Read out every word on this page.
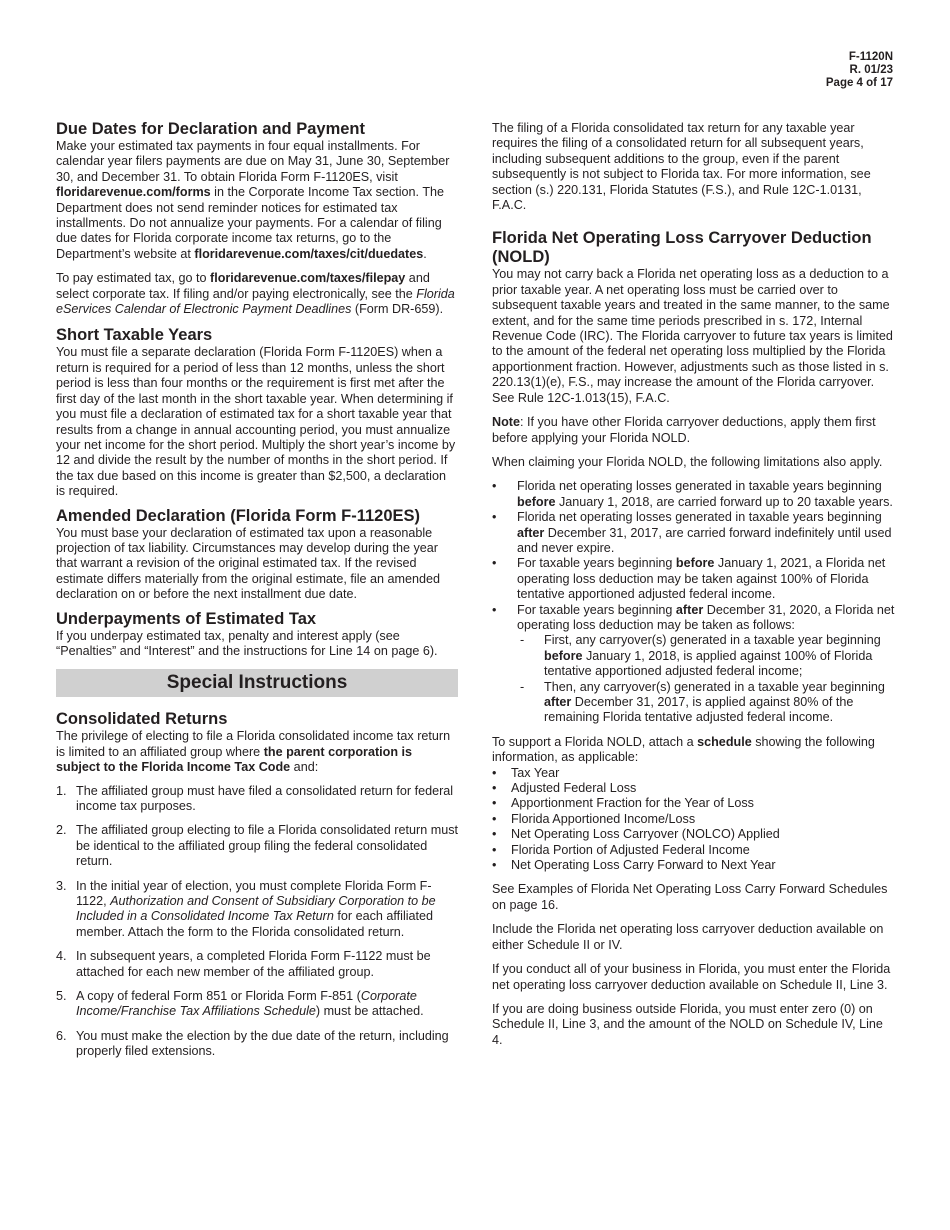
F-1120N
R. 01/23
Page 4 of 17
Due Dates for Declaration and Payment

Make your estimated tax payments in four equal installments. For calendar year filers payments are due on May 31, June 30, September 30, and December 31. To obtain Florida Form F-1120ES, visit floridarevenue.com/forms in the Corporate Income Tax section. The Department does not send reminder notices for estimated tax installments. Do not annualize your payments. For a calendar of filing due dates for Florida corporate income tax returns, go to the Department’s website at floridarevenue.com/taxes/cit/duedates.

To pay estimated tax, go to floridarevenue.com/taxes/filepay and select corporate tax. If filing and/or paying electronically, see the Florida eServices Calendar of Electronic Payment Deadlines (Form DR-659).

Short Taxable Years

You must file a separate declaration (Florida Form F-1120ES) when a return is required for a period of less than 12 months, unless the short period is less than four months or the requirement is first met after the first day of the last month in the short taxable year. When determining if you must file a declaration of estimated tax for a short taxable year that results from a change in annual accounting period, you must annualize your net income for the short period. Multiply the short year’s income by 12 and divide the result by the number of months in the short period. If the tax due based on this income is greater than $2,500, a declaration is required.

Amended Declaration (Florida Form F-1120ES)

You must base your declaration of estimated tax upon a reasonable projection of tax liability. Circumstances may develop during the year that warrant a revision of the original estimated tax. If the revised estimate differs materially from the original estimate, file an amended declaration on or before the next installment due date.

Underpayments of Estimated Tax

If you underpay estimated tax, penalty and interest apply (see “Penalties” and “Interest” and the instructions for Line 14 on page 6).

Special Instructions
Consolidated Returns
The privilege of electing to file a Florida consolidated income tax return is limited to an affiliated group where the parent corporation is subject to the Florida Income Tax Code and:
1. The affiliated group must have filed a consolidated return for federal income tax purposes.
2. The affiliated group electing to file a Florida consolidated return must be identical to the affiliated group filing the federal consolidated return.
3. In the initial year of election, you must complete Florida Form F-1122, Authorization and Consent of Subsidiary Corporation to be Included in a Consolidated Income Tax Return for each affiliated member. Attach the form to the Florida consolidated return.
4. In subsequent years, a completed Florida Form F-1122 must be attached for each new member of the affiliated group.
5. A copy of federal Form 851 or Florida Form F-851 (Corporate Income/Franchise Tax Affiliations Schedule) must be attached.
6. You must make the election by the due date of the return, including properly filed extensions.

The filing of a Florida consolidated tax return for any taxable year requires the filing of a consolidated return for all subsequent years, including subsequent additions to the group, even if the parent subsequently is not subject to Florida tax. For more information, see section (s.) 220.131, Florida Statutes (F.S.), and Rule 12C-1.0131, F.A.C.

Florida Net Operating Loss Carryover Deduction (NOLD)

You may not carry back a Florida net operating loss as a deduction to a prior taxable year. A net operating loss must be carried over to subsequent taxable years and treated in the same manner, to the same extent, and for the same time periods prescribed in s. 172, Internal Revenue Code (IRC). The Florida carryover to future tax years is limited to the amount of the federal net operating loss multiplied by the Florida apportionment fraction. However, adjustments such as those listed in s. 220.13(1)(e), F.S., may increase the amount of the Florida carryover. See Rule 12C-1.013(15), F.A.C.

Note: If you have other Florida carryover deductions, apply them first before applying your Florida NOLD.

When claiming your Florida NOLD, the following limitations also apply.

• Florida net operating losses generated in taxable years beginning before January 1, 2018, are carried forward up to 20 taxable years.
• Florida net operating losses generated in taxable years beginning after December 31, 2017, are carried forward indefinitely until used and never expire.
• For taxable years beginning before January 1, 2021, a Florida net operating loss deduction may be taken against 100% of Florida tentative apportioned adjusted federal income.
• For taxable years beginning after December 31, 2020, a Florida net operating loss deduction may be taken as follows:
- First, any carryover(s) generated in a taxable year beginning before January 1, 2018, is applied against 100% of Florida tentative apportioned adjusted federal income;
- Then, any carryover(s) generated in a taxable year beginning after December 31, 2017, is applied against 80% of the remaining Florida tentative adjusted federal income.
To support a Florida NOLD, attach a schedule showing the following information, as applicable:
• Tax Year
• Adjusted Federal Loss
• Apportionment Fraction for the Year of Loss
• Florida Apportioned Income/Loss
• Net Operating Loss Carryover (NOLCO) Applied
• Florida Portion of Adjusted Federal Income
• Net Operating Loss Carry Forward to Next Year

See Examples of Florida Net Operating Loss Carry Forward Schedules on page 16.

Include the Florida net operating loss carryover deduction available on either Schedule II or IV.

If you conduct all of your business in Florida, you must enter the Florida net operating loss carryover deduction available on Schedule II, Line 3.

If you are doing business outside Florida, you must enter zero (0) on Schedule II, Line 3, and the amount of the NOLD on Schedule IV, Line 4.
